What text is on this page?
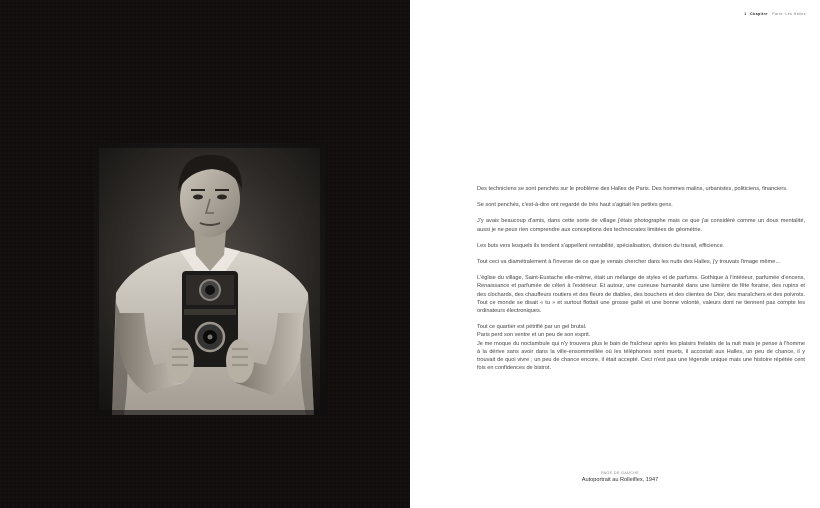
1 Chapitre Paris: Les Halles

Des techniciens se sont penchés sur le problème des Halles de Paris. Des hommes malins, urbanistes, politiciens, financiers.

Se sont penchés, c'est-à-dire ont regardé de très haut s'agitait les petites gens.

J'y avais beaucoup d'amis, dans cette sorte de village j'étais photographe mais ce que j'ai considéré comme un doux mentalité, aussi je ne peux rien comprendre aux conceptions des technocrates limitées de géométrie.

Les buts vers lesquels ils tendent s'appellent rentabilité, spécialisation, division du travail, efficience.

Tout ceci va diamétralement à l'inverse de ce que je venais chercher dans les nuits des Halles, j'y trouvais l'image même…

L'église du village, Saint-Eustache elle-même, était un mélange de styles et de parfums. Gothique à l'intérieur, parfumée d'encens, Renaissance et parfumée de céleri à l'extérieur. Et autour, une curieuse humanité dans une lumière de fête foraine, des rupins et des clochards, des chauffeurs routiers et des fleurs de diables, des bouchers et des clientes de Dior, des maraîchers et des poivrots. Tout ce monde se disait « tu » et surtout flottait une grosse gaîté et une bonne volonté, valeurs dont ne tiennent pas compte les ordinateurs électroniques.

Tout ce quartier est pétrifié par un gel brutal.

Paris perd son ventre et un peu de son esprit.

Je me moque du noctambule qui n'y trouvera plus le bain de fraîcheur après les plaisirs frelatés de la nuit mais je pense à l'homme à la dérive sans avoir dans la ville-ensommeillée où les téléphones sont muets, il accostait aux Halles, un peu de chance, il y trouvait de quoi vivre ; un peu de chance encore, il était accepté. Ceci n'est pas une légende unique mais une histoire répétée cent fois en confidences de bistrot.

PAGE DE GAUCHE
Autoportrait au Rolleiflex, 1947
